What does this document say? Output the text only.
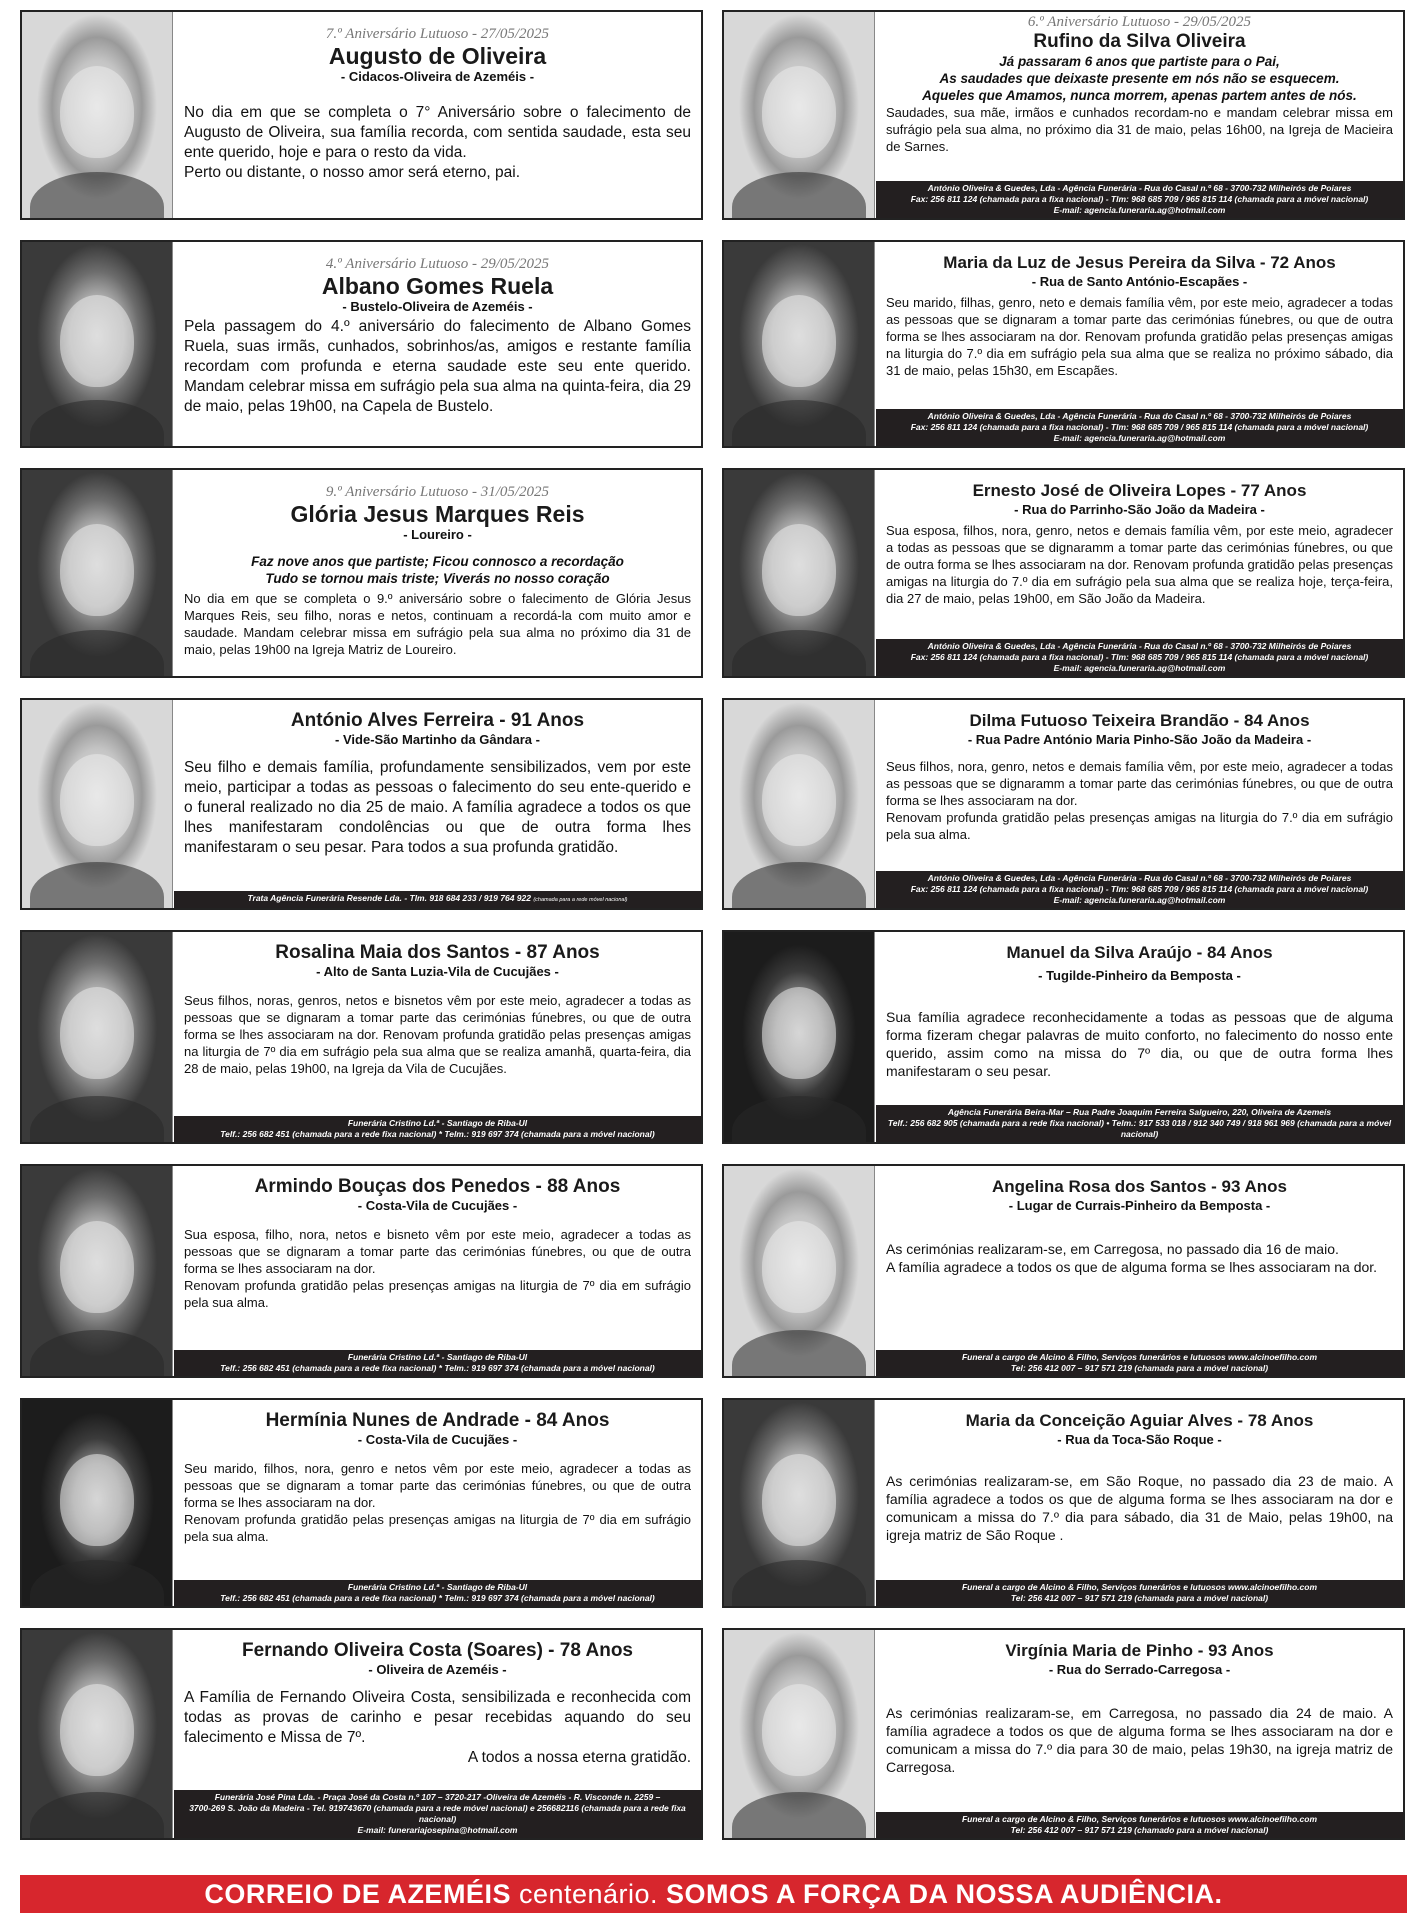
7.º Aniversário Lutuoso - 27/05/2025
Augusto de Oliveira
- Cidacos-Oliveira de Azeméis -
No dia em que se completa o 7° Aniversário sobre o falecimento de Augusto de Oliveira, sua família recorda, com sentida saudade, esta seu ente querido, hoje e para o resto da vida.
Perto ou distante, o nosso amor será eterno, pai.
4.º Aniversário Lutuoso - 29/05/2025
Albano Gomes Ruela
- Bustelo-Oliveira de Azeméis -
Pela passagem do 4.º aniversário do falecimento de Albano Gomes Ruela, suas irmãs, cunhados, sobrinhos/as, amigos e restante família recordam com profunda e eterna saudade este seu ente querido. Mandam celebrar missa em sufrágio pela sua alma na quinta-feira, dia 29 de maio, pelas 19h00, na Capela de Bustelo.
9.º Aniversário Lutuoso - 31/05/2025
Glória Jesus Marques Reis
- Loureiro -
Faz nove anos que partiste; Ficou connosco a recordação
Tudo se tornou mais triste; Viverás no nosso coração
No dia em que se completa o 9.º aniversário sobre o falecimento de Glória Jesus Marques Reis, seu filho, noras e netos, continuam a recordá-la com muito amor e saudade. Mandam celebrar missa em sufrágio pela sua alma no próximo dia 31 de maio, pelas 19h00 na Igreja Matriz de Loureiro.
António Alves Ferreira - 91 Anos
- Vide-São Martinho da Gândara -
Seu filho e demais família, profundamente sensibilizados, vem por este meio, participar a todas as pessoas o falecimento do seu ente-querido e o funeral realizado no dia 25 de maio. A família agradece a todos os que lhes manifestaram condolências ou que de outra forma lhes manifestaram o seu pesar. Para todos a sua profunda gratidão.
Trata Agência Funerária Resende Lda. - Tlm. 918 684 233 / 919 764 922 (chamada para a rede móvel nacional)
Rosalina Maia dos Santos - 87 Anos
- Alto de Santa Luzia-Vila de Cucujães -
Seus filhos, noras, genros, netos e bisnetos vêm por este meio, agradecer a todas as pessoas que se dignaram a tomar parte das cerimónias fúnebres, ou que de outra forma se lhes associaram na dor. Renovam profunda gratidão pelas presenças amigas na liturgia de 7º dia em sufrágio pela sua alma que se realiza amanhã, quarta-feira, dia 28 de maio, pelas 19h00, na Igreja da Vila de Cucujães.
Funerária Cristino Ld.ª - Santiago de Riba-Ul
Telf.: 256 682 451 (chamada para a rede fixa nacional) * Telm.: 919 697 374 (chamada para a móvel nacional)
Armindo Bouças dos Penedos - 88 Anos
- Costa-Vila de Cucujães -
Sua esposa, filho, nora, netos e bisneto vêm por este meio, agradecer a todas as pessoas que se dignaram a tomar parte das cerimónias fúnebres, ou que de outra forma se lhes associaram na dor.
Renovam profunda gratidão pelas presenças amigas na liturgia de 7º dia em sufrágio pela sua alma.
Funerária Cristino Ld.ª - Santiago de Riba-Ul
Telf.: 256 682 451 (chamada para a rede fixa nacional) * Telm.: 919 697 374 (chamada para a móvel nacional)
Hermínia Nunes de Andrade - 84 Anos
- Costa-Vila de Cucujães -
Seu marido, filhos, nora, genro e netos vêm por este meio, agradecer a todas as pessoas que se dignaram a tomar parte das cerimónias fúnebres, ou que de outra forma se lhes associaram na dor.
Renovam profunda gratidão pelas presenças amigas na liturgia de 7º dia em sufrágio pela sua alma.
Funerária Cristino Ld.ª - Santiago de Riba-Ul
Telf.: 256 682 451 (chamada para a rede fixa nacional) * Telm.: 919 697 374 (chamada para a móvel nacional)
Fernando Oliveira Costa (Soares) - 78 Anos
- Oliveira de Azeméis -
A Família de Fernando Oliveira Costa, sensibilizada e reconhecida com todas as provas de carinho e pesar recebidas aquando do seu falecimento e Missa de 7º.
A todos a nossa eterna gratidão.
Funerária José Pina Lda. - Praça José da Costa n.º 107 – 3720-217 -Oliveira de Azeméis - R. Visconde n. 2259 –
3700-269 S. João da Madeira - Tel. 919743670 (chamada para a rede móvel nacional) e 256682116 (chamada para a rede fixa nacional)
E-mail: funerariajosepina@hotmail.com
6.º Aniversário Lutuoso - 29/05/2025
Rufino da Silva Oliveira
Já passaram 6 anos que partiste para o Pai,
As saudades que deixaste presente em nós não se esquecem.
Aqueles que Amamos, nunca morrem, apenas partem antes de nós.
Saudades, sua mãe, irmãos e cunhados recordam-no e mandam celebrar missa em sufrágio pela sua alma, no próximo dia 31 de maio, pelas 16h00, na Igreja de Macieira de Sarnes.
António Oliveira & Guedes, Lda - Agência Funerária - Rua do Casal n.º 68 - 3700-732 Milheirós de Poiares
Fax: 256 811 124 (chamada para a fixa nacional) - Tlm: 968 685 709 / 965 815 114 (chamada para a móvel nacional)
E-mail: agencia.funeraria.ag@hotmail.com
Maria da Luz de Jesus Pereira da Silva - 72 Anos
- Rua de Santo António-Escapães -
Seu marido, filhas, genro, neto e demais família vêm, por este meio, agradecer a todas as pessoas que se dignaram a tomar parte das cerimónias fúnebres, ou que de outra forma se lhes associaram na dor. Renovam profunda gratidão pelas presenças amigas na liturgia do 7.º dia em sufrágio pela sua alma que se realiza no próximo sábado, dia 31 de maio, pelas 15h30, em Escapães.
António Oliveira & Guedes, Lda - Agência Funerária - Rua do Casal n.º 68 - 3700-732 Milheirós de Poiares
Fax: 256 811 124 (chamada para a fixa nacional) - Tlm: 968 685 709 / 965 815 114 (chamada para a móvel nacional)
E-mail: agencia.funeraria.ag@hotmail.com
Ernesto José de Oliveira Lopes - 77 Anos
- Rua do Parrinho-São João da Madeira -
Sua esposa, filhos, nora, genro, netos e demais família vêm, por este meio, agradecer a todas as pessoas que se dignaramm a tomar parte das cerimónias fúnebres, ou que de outra forma se lhes associaram na dor. Renovam profunda gratidão pelas presenças amigas na liturgia do 7.º dia em sufrágio pela sua alma que se realiza hoje, terça-feira, dia 27 de maio, pelas 19h00, em São João da Madeira.
António Oliveira & Guedes, Lda - Agência Funerária - Rua do Casal n.º 68 - 3700-732 Milheirós de Poiares
Fax: 256 811 124 (chamada para a fixa nacional) - Tlm: 968 685 709 / 965 815 114 (chamada para a móvel nacional)
E-mail: agencia.funeraria.ag@hotmail.com
Dilma Futuoso Teixeira Brandão - 84 Anos
- Rua Padre António Maria Pinho-São João da Madeira -
Seus filhos, nora, genro, netos e demais família vêm, por este meio, agradecer a todas as pessoas que se dignaramm a tomar parte das cerimónias fúnebres, ou que de outra forma se lhes associaram na dor.
Renovam profunda gratidão pelas presenças amigas na liturgia do 7.º dia em sufrágio pela sua alma.
António Oliveira & Guedes, Lda - Agência Funerária - Rua do Casal n.º 68 - 3700-732 Milheirós de Poiares
Fax: 256 811 124 (chamada para a fixa nacional) - Tlm: 968 685 709 / 965 815 114 (chamada para a móvel nacional)
E-mail: agencia.funeraria.ag@hotmail.com
Manuel da Silva Araújo - 84 Anos
- Tugilde-Pinheiro da Bemposta -
Sua família agradece reconhecidamente a todas as pessoas que de alguma forma fizeram chegar palavras de muito conforto, no falecimento do nosso ente querido, assim como na missa do 7º dia, ou que de outra forma lhes manifestaram o seu pesar.
Agência Funerária Beira-Mar – Rua Padre Joaquim Ferreira Salgueiro, 220, Oliveira de Azemeis
Telf.: 256 682 905 (chamada para a rede fixa nacional) • Telm.: 917 533 018 / 912 340 749 / 918 961 969 (chamada para a móvel nacional)
Angelina Rosa dos Santos - 93 Anos
- Lugar de Currais-Pinheiro da Bemposta -
As cerimónias realizaram-se, em Carregosa, no passado dia 16 de maio.
A família agradece a todos os que de alguma forma se lhes associaram na dor.
Funeral a cargo de Alcino & Filho, Serviços funerários e lutuosos www.alcinoefilho.com
Tel: 256 412 007 – 917 571 219 (chamada para a móvel nacional)
Maria da Conceição Aguiar Alves - 78 Anos
- Rua da Toca-São Roque -
As cerimónias realizaram-se, em São Roque, no passado dia 23 de maio. A família agradece a todos os que de alguma forma se lhes associaram na dor e comunicam a missa do 7.º dia para sábado, dia 31 de Maio, pelas 19h00, na igreja matriz de São Roque .
Funeral a cargo de Alcino & Filho, Serviços funerários e lutuosos www.alcinoefilho.com
Tel: 256 412 007 – 917 571 219 (chamada para a móvel nacional)
Virgínia Maria de Pinho - 93 Anos
- Rua do Serrado-Carregosa -
As cerimónias realizaram-se, em Carregosa, no passado dia 24 de maio. A família agradece a todos os que de alguma forma se lhes associaram na dor e comunicam a missa do 7.º dia para 30 de maio, pelas 19h30, na igreja matriz de Carregosa.
Funeral a cargo de Alcino & Filho, Serviços funerários e lutuosos www.alcinoefilho.com
Tel: 256 412 007 – 917 571 219 (chamado para a móvel nacional)
CORREIO DE AZEMÉIS centenário. SOMOS A FORÇA DA NOSSA AUDIÊNCIA.
